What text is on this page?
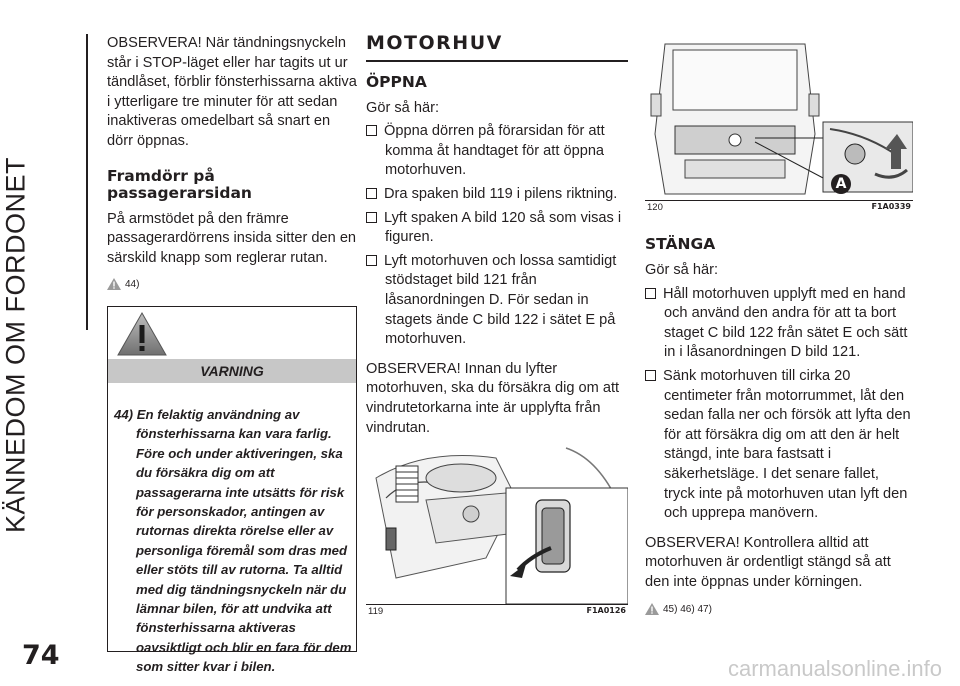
KÄNNEDOM OM FORDONET
74	carmanualsonline.info

OBSERVERA! När tändningsnyckeln står i STOP-läget eller har tagits ut ur tändlåset, förblir fönsterhissarna aktiva i ytterligare tre minuter för att sedan inaktiveras omedelbart så snart en dörr öppnas.

Framdörr på passagerarsidan

På armstödet på den främre passagerardörrens insida sitter den en särskild knapp som reglerar rutan.

44)
VARNING
44) En felaktig användning av fönsterhissarna kan vara farlig. Före och under aktiveringen, ska du försäkra dig om att passagerarna inte utsätts för risk för personskador, antingen av rutornas direkta rörelse eller av personliga föremål som dras med eller stöts till av rutorna. Ta alltid med dig tändningsnyckeln när du lämnar bilen, för att undvika att fönsterhissarna aktiveras oavsiktligt och blir en fara för dem som sitter kvar i bilen.

MOTORHUV

ÖPPNA

Gör så här:

Öppna dörren på förarsidan för att komma åt handtaget för att öppna motorhuven.

Dra spaken bild 119 i pilens riktning.

Lyft spaken A bild 120 så som visas i figuren.

Lyft motorhuven och lossa samtidigt stödstaget bild 121 från låsanordningen D. För sedan in stagets ände C bild 122 i sätet E på motorhuven.

OBSERVERA! Innan du lyfter motorhuven, ska du försäkra dig om att vindrutetorkarna inte är upplyfta från vindrutan.

119	F1A0126
A
120	F1A0339

STÄNGA

Gör så här:

Håll motorhuven upplyft med en hand och använd den andra för att ta bort staget C bild 122 från sätet E och sätt in i låsanordningen D bild 121.

Sänk motorhuven till cirka 20 centimeter från motorrummet, låt den sedan falla ner och försök att lyfta den för att försäkra dig om att den är helt stängd, inte bara fastsatt i säkerhetsläge. I det senare fallet, tryck inte på motorhuven utan lyft den och upprepa manövern.

OBSERVERA! Kontrollera alltid att motorhuven är ordentligt stängd så att den inte öppnas under körningen.

45) 46) 47)
